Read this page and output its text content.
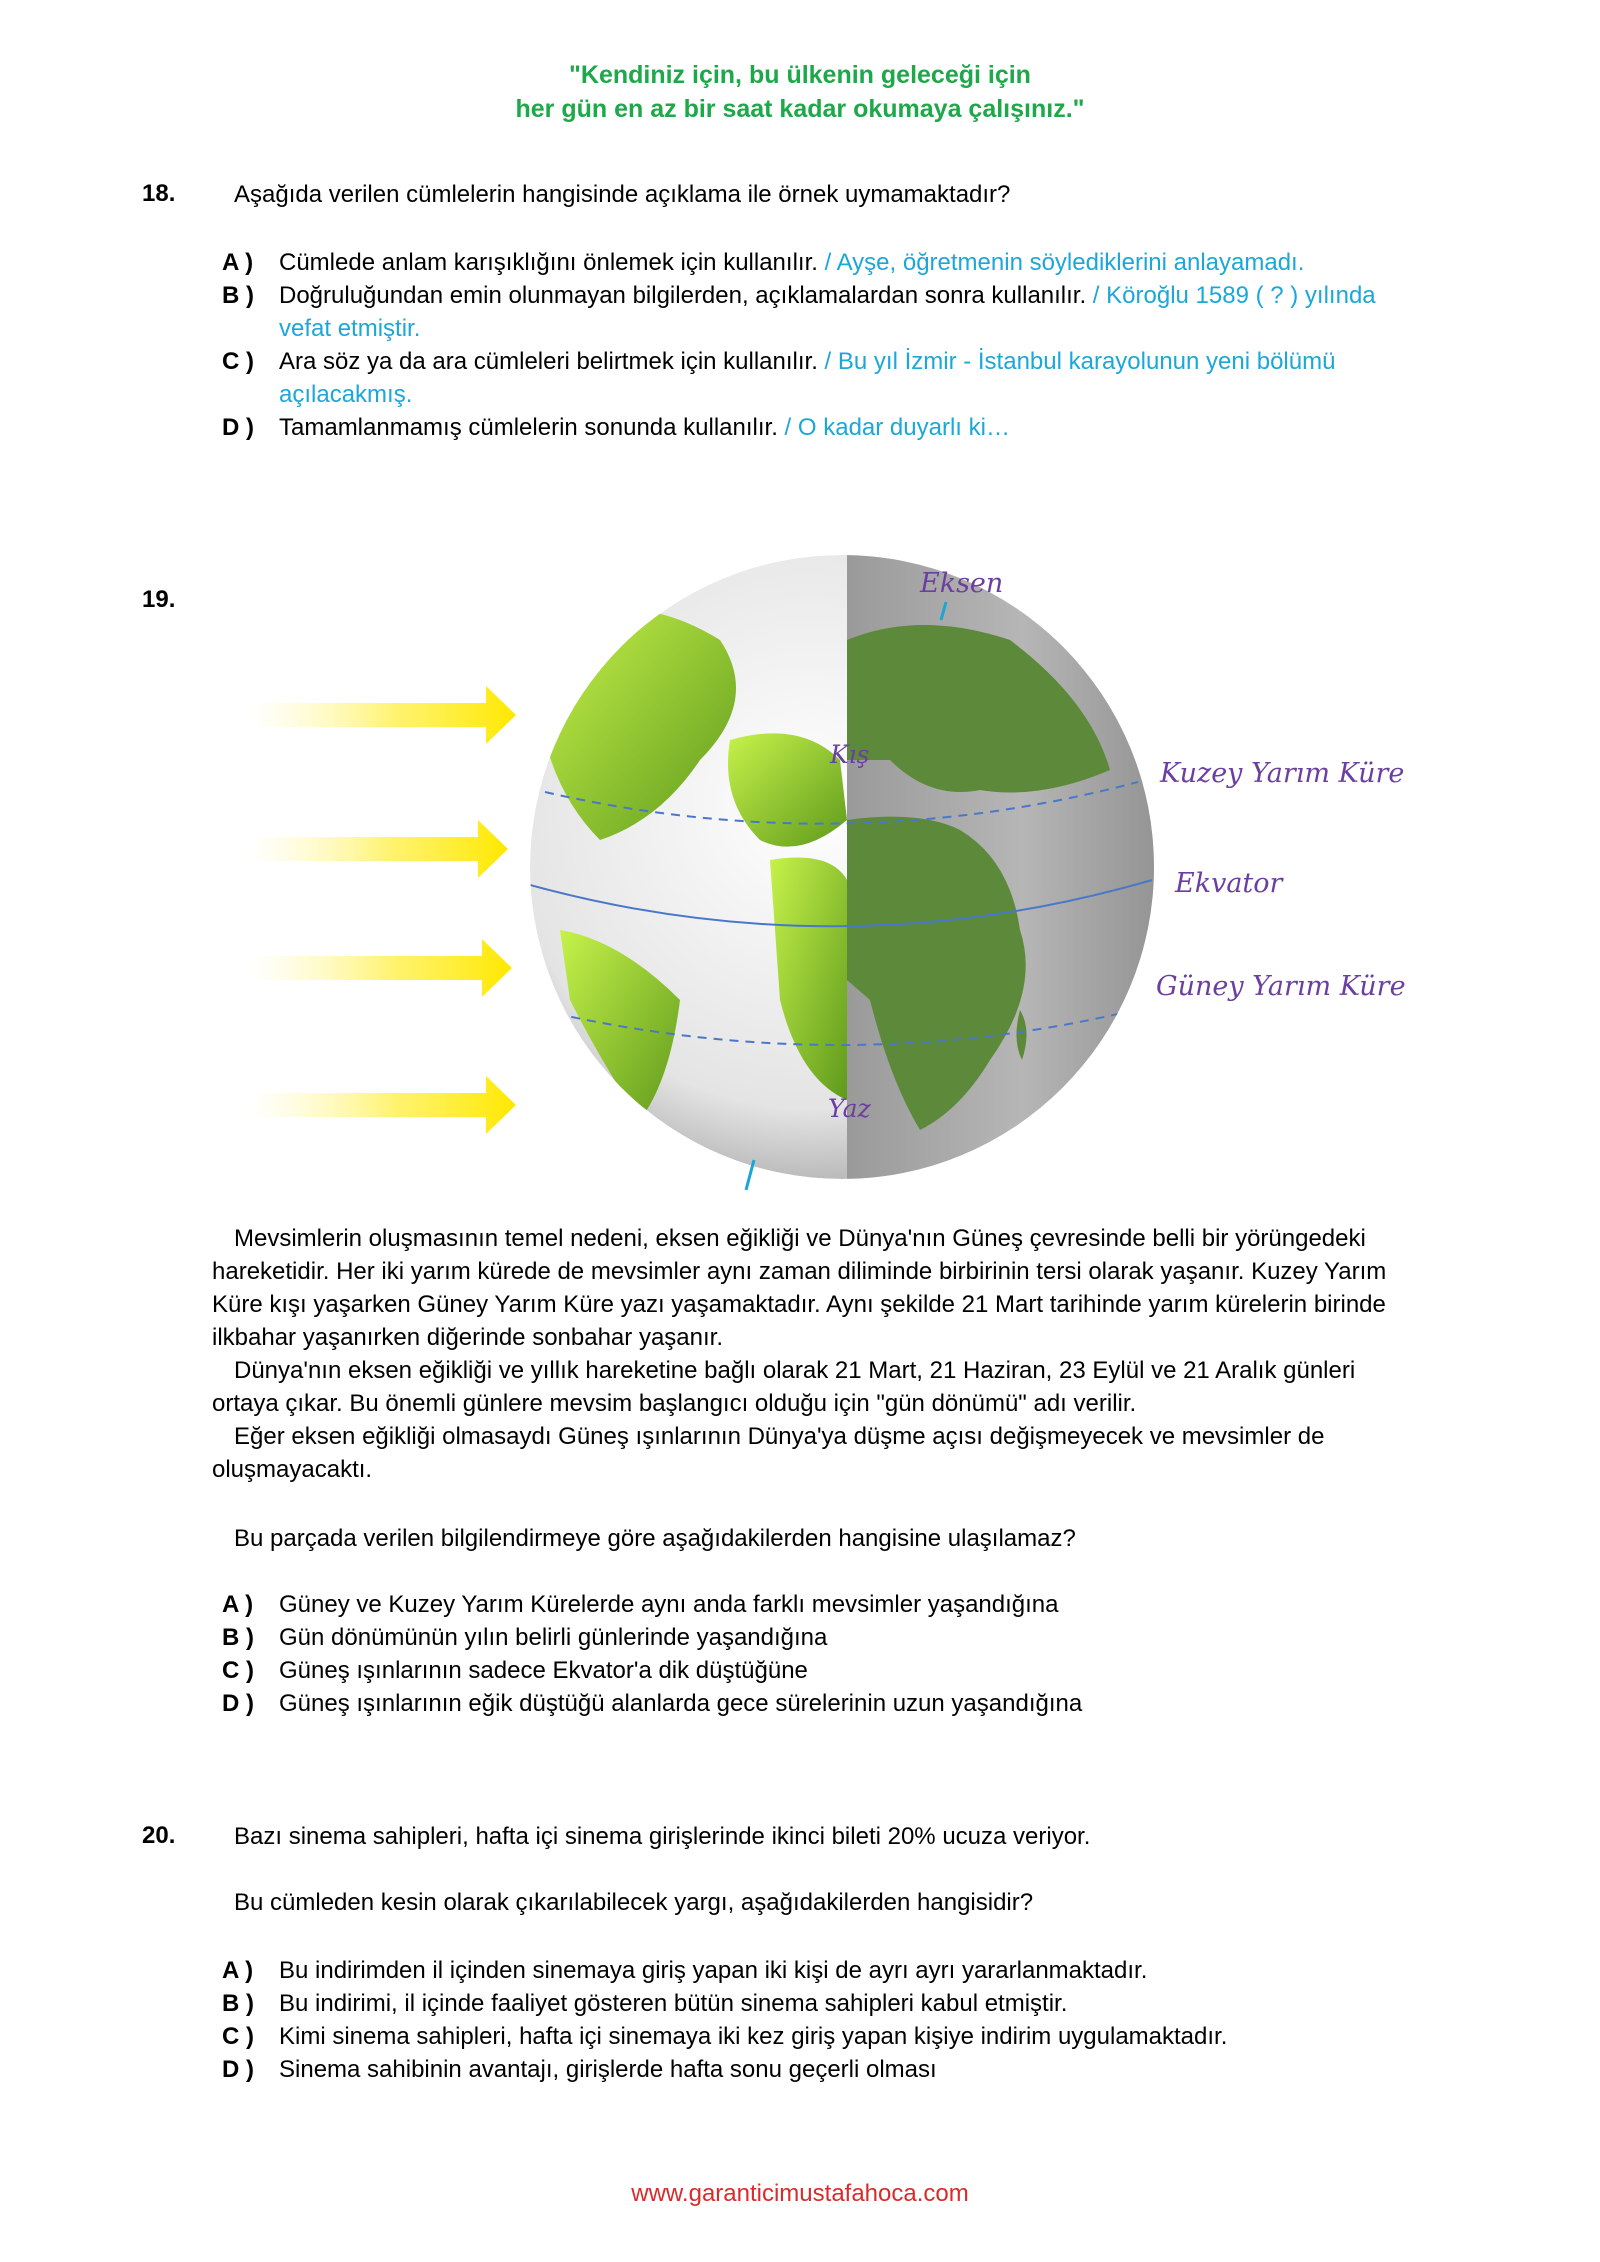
"Kendiniz için, bu ülkenin geleceği için
her gün en az bir saat kadar okumaya çalışınız."
18. Aşağıda verilen cümlelerin hangisinde açıklama ile örnek uymamaktadır?
A )	Cümlede anlam karışıklığını önlemek için kullanılır. / Ayşe, öğretmenin söylediklerini anlayamadı.
B )	Doğruluğundan emin olunmayan bilgilerden, açıklamalardan sonra kullanılır. / Köroğlu 1589 ( ? ) yılında vefat etmiştir.
C )	Ara söz ya da ara cümleleri belirtmek için kullanılır. / Bu yıl İzmir - İstanbul karayolunun yeni bölümü açılacakmış.
D )	Tamamlanmamış cümlelerin sonunda kullanılır. / O kadar duyarlı ki…
19.
Eksen
Kış
Kuzey Yarım Küre
Ekvator
Güney Yarım Küre
Yaz

Mevsimlerin oluşmasının temel nedeni, eksen eğikliği ve Dünya'nın Güneş çevresinde belli bir yörüngedeki hareketidir. Her iki yarım kürede de mevsimler aynı zaman diliminde birbirinin tersi olarak yaşanır. Kuzey Yarım Küre kışı yaşarken Güney Yarım Küre yazı yaşamaktadır. Aynı şekilde 21 Mart tarihinde yarım kürelerin birinde ilkbahar yaşanırken diğerinde sonbahar yaşanır.

Dünya'nın eksen eğikliği ve yıllık hareketine bağlı olarak 21 Mart, 21 Haziran, 23 Eylül ve 21 Aralık günleri ortaya çıkar. Bu önemli günlere mevsim başlangıcı olduğu için "gün dönümü" adı verilir.

Eğer eksen eğikliği olmasaydı Güneş ışınlarının Dünya'ya düşme açısı değişmeyecek ve mevsimler de oluşmayacaktı.

Bu parçada verilen bilgilendirmeye göre aşağıdakilerden hangisine ulaşılamaz?
A )	Güney ve Kuzey Yarım Kürelerde aynı anda farklı mevsimler yaşandığına
B )	Gün dönümünün yılın belirli günlerinde yaşandığına
C )	Güneş ışınlarının sadece Ekvator'a dik düştüğüne
D )	Güneş ışınlarının eğik düştüğü alanlarda gece sürelerinin uzun yaşandığına
20. Bazı sinema sahipleri, hafta içi sinema girişlerinde ikinci bileti 20% ucuza veriyor.
Bu cümleden kesin olarak çıkarılabilecek yargı, aşağıdakilerden hangisidir?
A )	Bu indirimden il içinden sinemaya giriş yapan iki kişi de ayrı ayrı yararlanmaktadır.
B )	Bu indirimi, il içinde faaliyet gösteren bütün sinema sahipleri kabul etmiştir.
C )	Kimi sinema sahipleri, hafta içi sinemaya iki kez giriş yapan kişiye indirim uygulamaktadır.
D )	Sinema sahibinin avantajı, girişlerde hafta sonu geçerli olması
www.garanticimustafahoca.com
